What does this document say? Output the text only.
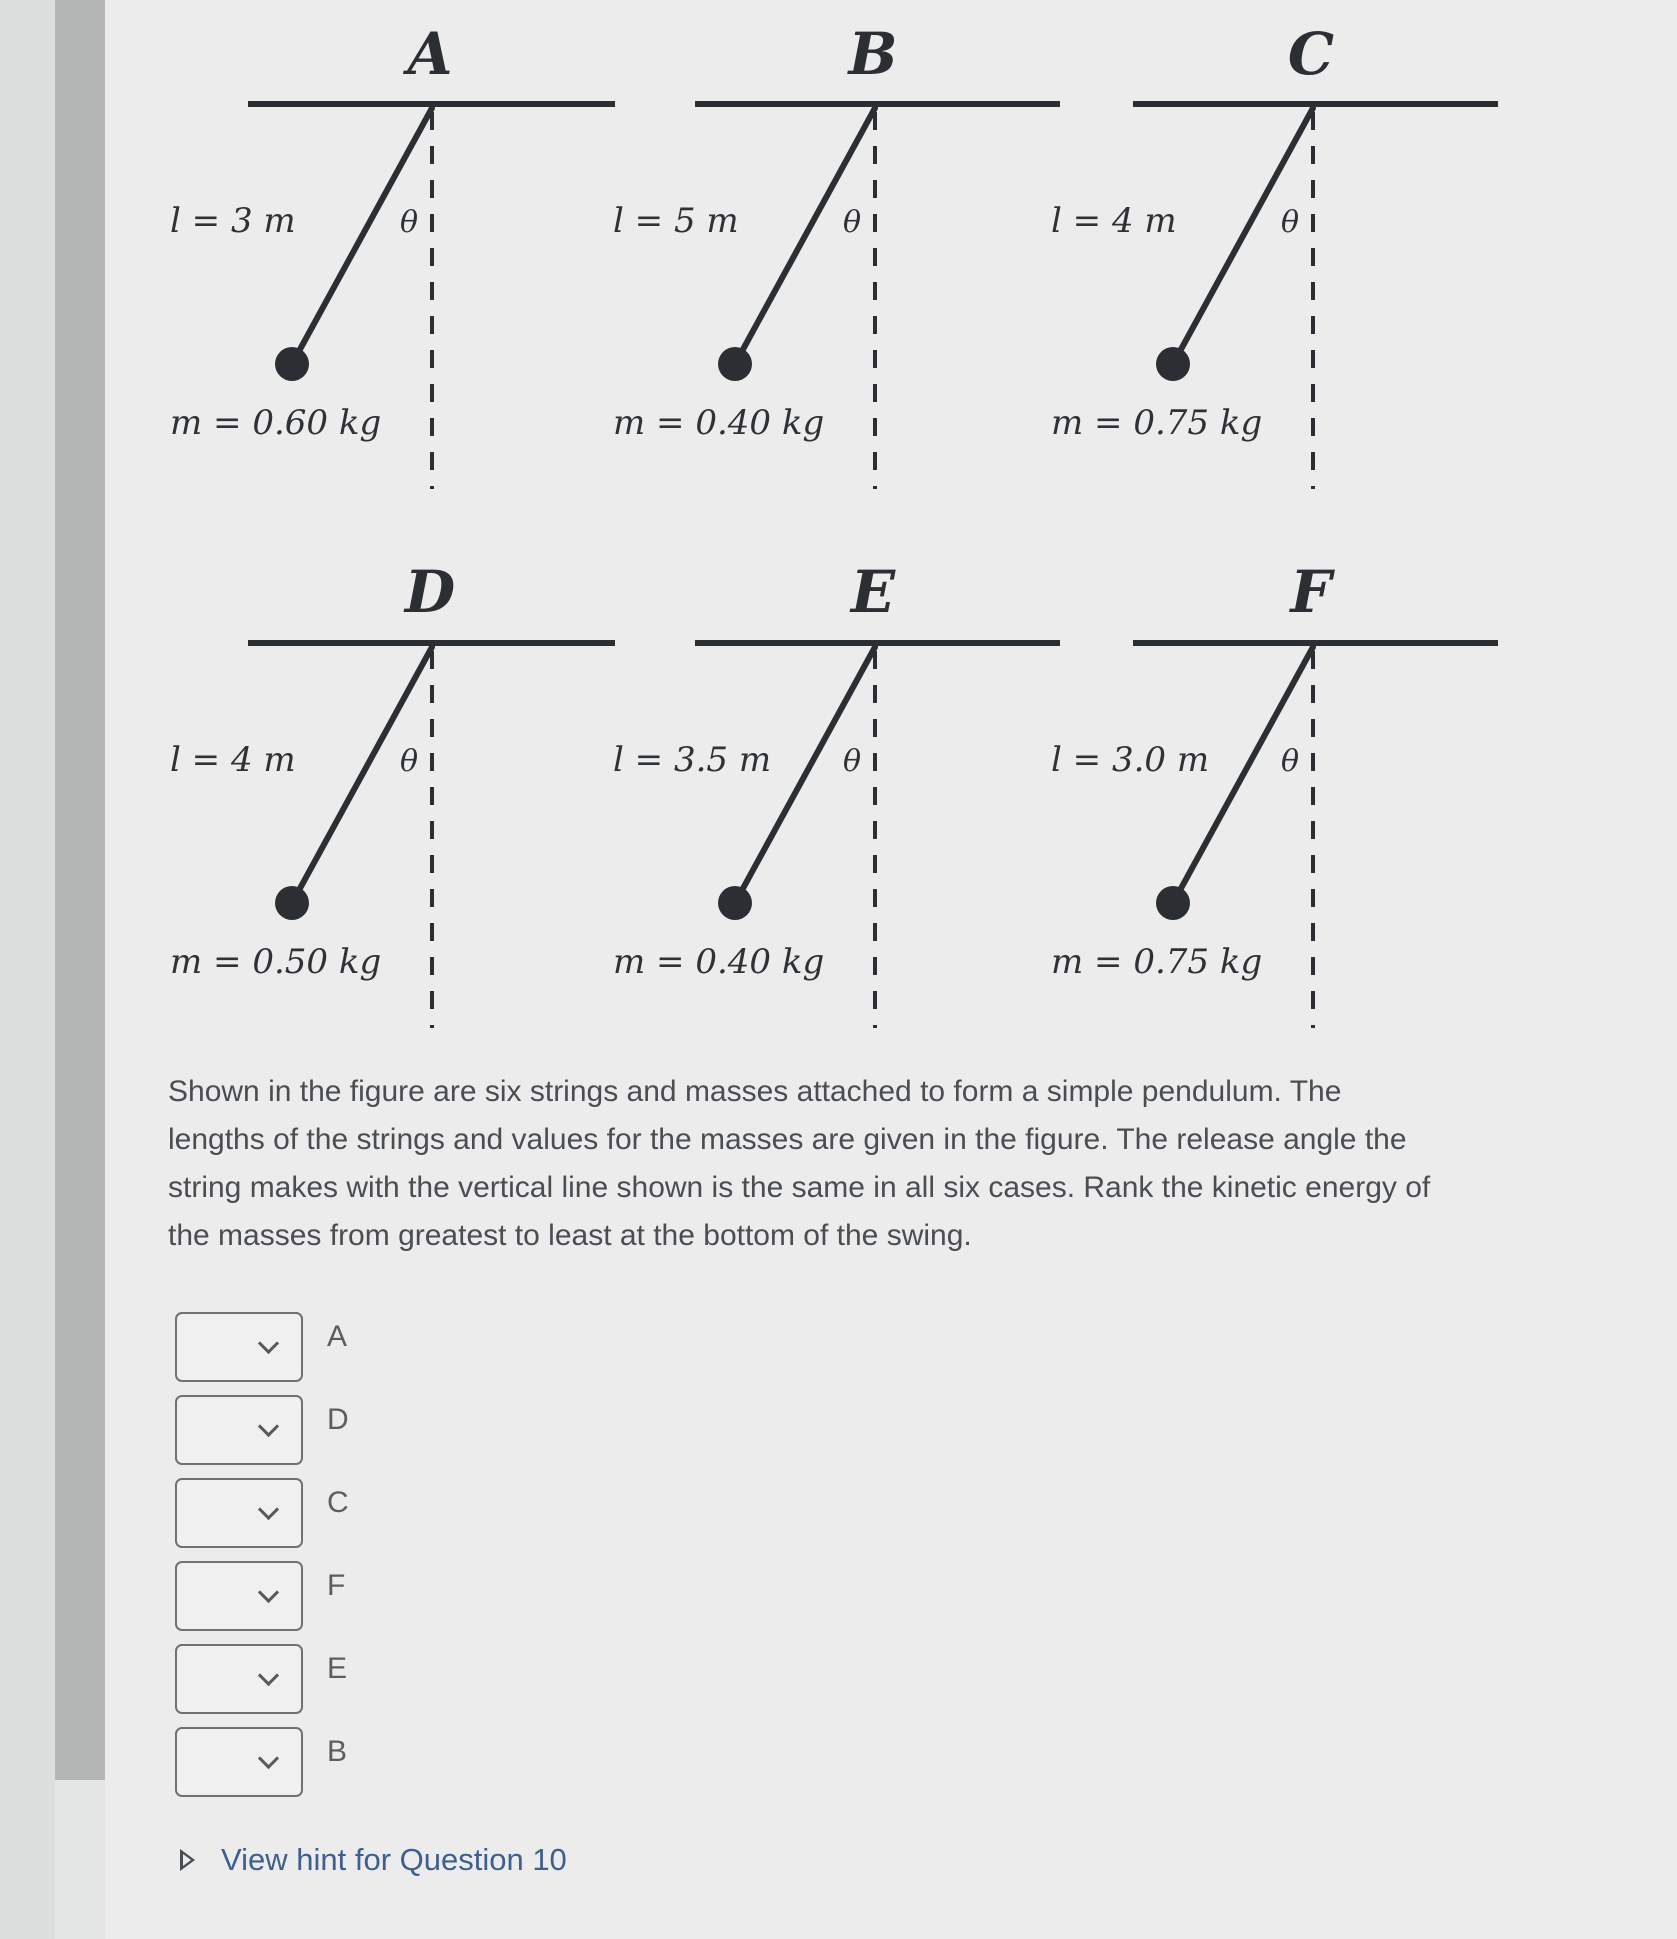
A
l = 3 m	θ
m = 0.60 kg
B
l = 5 m	θ
m = 0.40 kg
C
l = 4 m	θ
m = 0.75 kg
D
l = 4 m	θ
m = 0.50 kg
E
l = 3.5 m θ
m = 0.40 kg
F
l = 3.0 m θ
m = 0.75 kg

Shown in the figure are six strings and masses attached to form a simple pendulum. The lengths of the strings and values for the masses are given in the figure. The release angle the string makes with the vertical line shown is the same in all six cases. Rank the kinetic energy of the masses from greatest to least at the bottom of the swing.

A
D
C
F
E
B
View hint for Question 10
